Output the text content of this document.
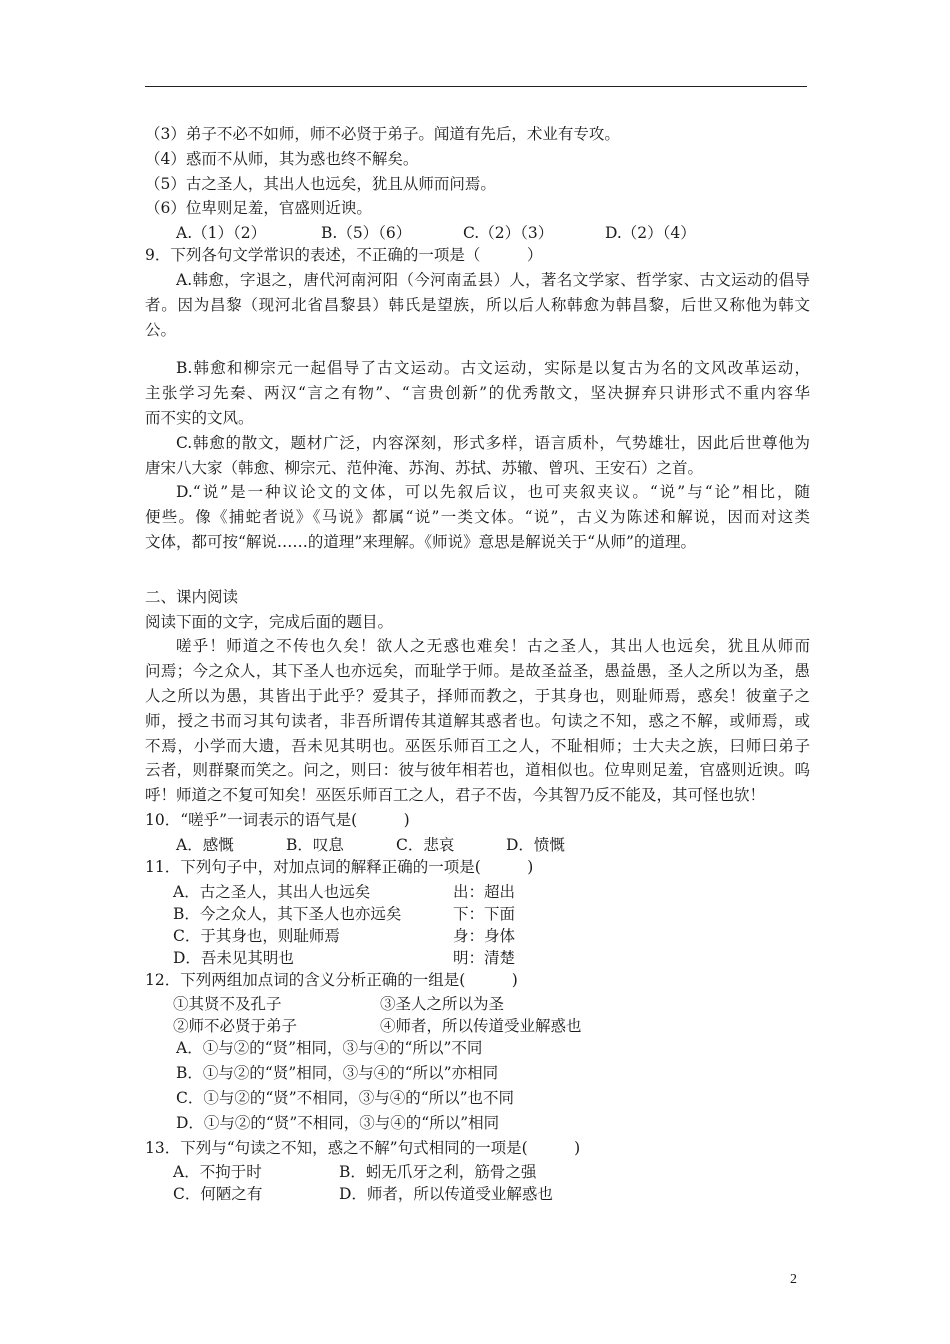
（3）弟子不必不如师，师不必贤于弟子。闻道有先后，术业有专攻。
（4）惑而不从师，其为惑也终不解矣。
（5）古之圣人，其出人也远矣，犹且从师而问焉。
（6）位卑则足羞，官盛则近谀。
A.（1）（2）	B.（5）（6）	C.（2）（3）	D.（2）（4）
9．下列各句文学常识的表述，不正确的一项是（　　　）
A.韩愈，字退之，唐代河南河阳（今河南孟县）人，著名文学家、哲学家、古文运动的倡导
者。因为昌黎（现河北省昌黎县）韩氏是望族，所以后人称韩愈为韩昌黎，后世又称他为韩文
公。
B.韩愈和柳宗元一起倡导了古文运动。古文运动，实际是以复古为名的文风改革运动，
主张学习先秦、两汉“言之有物”、“言贵创新”的优秀散文，坚决摒弃只讲形式不重内容华
而不实的文风。
C.韩愈的散文，题材广泛，内容深刻，形式多样，语言质朴，气势雄壮，因此后世尊他为
唐宋八大家（韩愈、柳宗元、范仲淹、苏洵、苏拭、苏辙、曾巩、王安石）之首。
D.“说”是一种议论文的文体，可以先叙后议，也可夹叙夹议。“说”与“论”相比，随
便些。像《捕蛇者说》《马说》都属“说”一类文体。“说”，古义为陈述和解说，因而对这类
文体，都可按“解说……的道理”来理解。《师说》意思是解说关于“从师”的道理。
二、课内阅读
阅读下面的文字，完成后面的题目。
嗟乎！师道之不传也久矣！欲人之无惑也难矣！古之圣人，其出人也远矣，犹且从师而
问焉；今之众人，其下圣人也亦远矣，而耻学于师。是故圣益圣，愚益愚，圣人之所以为圣，愚
人之所以为愚，其皆出于此乎？爱其子，择师而教之，于其身也，则耻师焉，惑矣！彼童子之
师，授之书而习其句读者，非吾所谓传其道解其惑者也。句读之不知，惑之不解，或师焉，或
不焉，小学而大遗，吾未见其明也。巫医乐师百工之人，不耻相师；士大夫之族，曰师曰弟子
云者，则群聚而笑之。问之，则曰：彼与彼年相若也，道相似也。位卑则足羞，官盛则近谀。呜
呼！师道之不复可知矣！巫医乐师百工之人，君子不齿，今其智乃反不能及，其可怪也欤！
10．“嗟乎”一词表示的语气是(　　　)
A．感慨	B．叹息	C．悲哀	D．愤慨
11．下列句子中，对加点词的解释正确的一项是(　　　)
A．古之圣人，其出人也远矣	出：超出
B．今之众人，其下圣人也亦远矣	下：下面
C．于其身也，则耻师焉	身：身体
D．吾未见其明也	明：清楚
12．下列两组加点词的含义分析正确的一组是(　　　)
①其贤不及孔子	③圣人之所以为圣
②师不必贤于弟子	④师者，所以传道受业解惑也
A．①与②的“贤”相同，③与④的“所以”不同
B．①与②的“贤”相同，③与④的“所以”亦相同
C．①与②的“贤”不相同，③与④的“所以”也不同
D．①与②的“贤”不相同，③与④的“所以”相同
13．下列与“句读之不知，惑之不解”句式相同的一项是(　　　)
A．不拘于时	B．蚓无爪牙之利，筋骨之强
C．何陋之有	D．师者，所以传道受业解惑也
2
